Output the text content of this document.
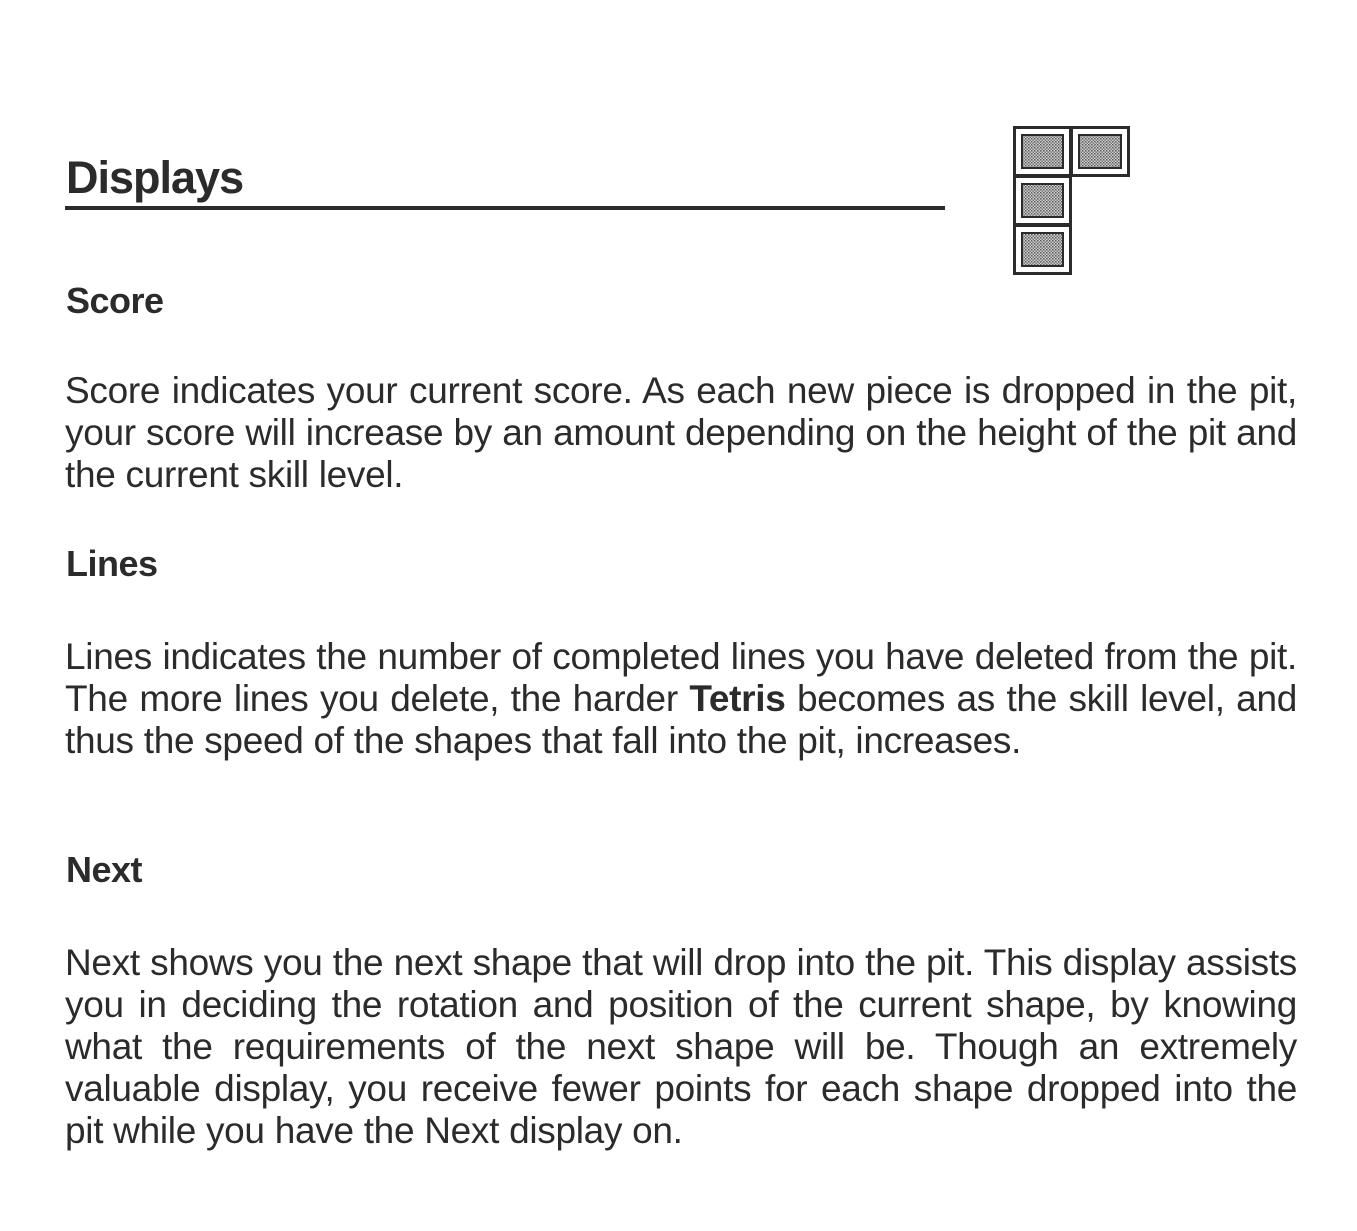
Displays
Score

Score indicates your current score. As each new piece is dropped in the pit, your score will increase by an amount depending on the height of the pit and the current skill level.

Lines

Lines indicates the number of completed lines you have deleted from the pit. The more lines you delete, the harder Tetris becomes as the skill level, and thus the speed of the shapes that fall into the pit, increases.

Next

Next shows you the next shape that will drop into the pit. This display assists you in deciding the rotation and position of the current shape, by knowing what the requirements of the next shape will be. Though an extremely valuable display, you receive fewer points for each shape dropped into the pit while you have the Next display on.
